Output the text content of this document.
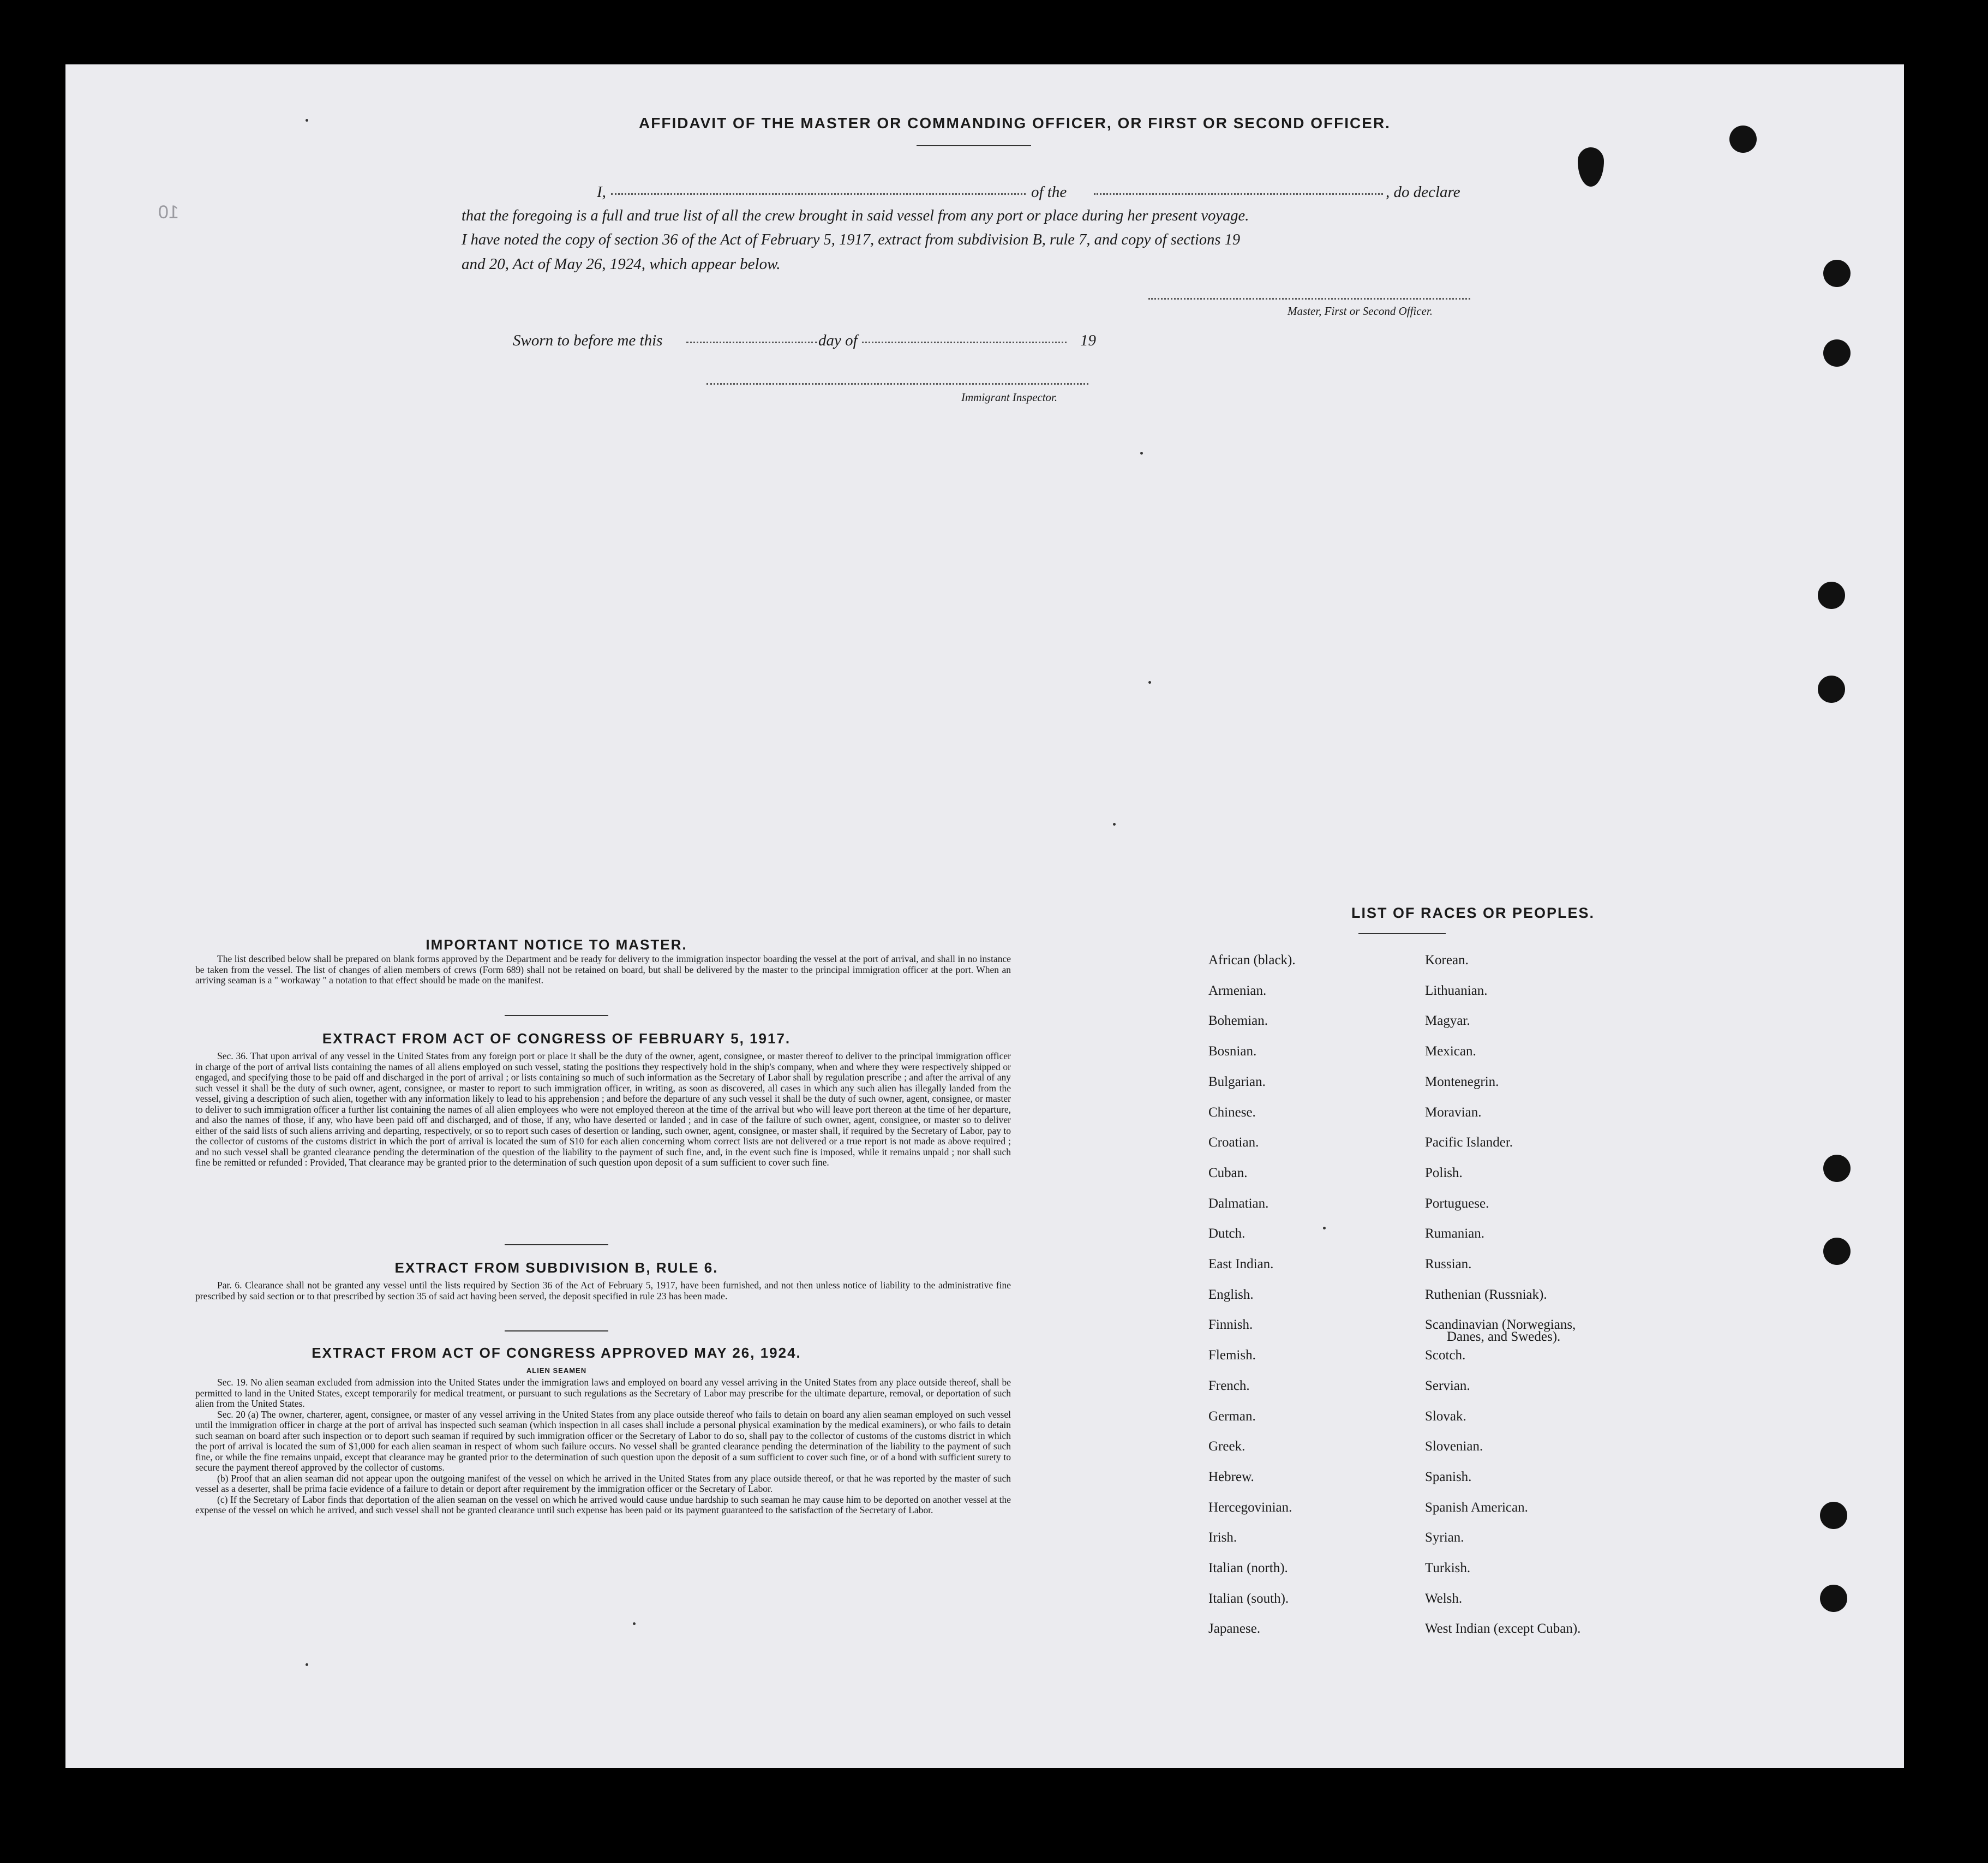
AFFIDAVIT OF THE MASTER OR COMMANDING OFFICER, OR FIRST OR SECOND OFFICER.
I,	of the	, do declare
that the foregoing is a full and true list of all the crew brought in said vessel from any port or place during her present voyage.
I have noted the copy of section 36 of the Act of February 5, 1917, extract from subdivision B, rule 7, and copy of sections 19
and 20, Act of May 26, 1924, which appear below.
Master, First or Second Officer.
Sworn to before me this	day of	19
Immigrant Inspector.
IMPORTANT NOTICE TO MASTER.

The list described below shall be prepared on blank forms approved by the Department and be ready for delivery to the immigration inspector boarding the vessel at the port of arrival, and shall in no instance be taken from the vessel. The list of changes of alien members of crews (Form 689) shall not be retained on board, but shall be delivered by the master to the principal immigration officer at the port. When an arriving seaman is a " workaway " a notation to that effect should be made on the manifest.

EXTRACT FROM ACT OF CONGRESS OF FEBRUARY 5, 1917.

Sec. 36. That upon arrival of any vessel in the United States from any foreign port or place it shall be the duty of the owner, agent, consignee, or master thereof to deliver to the principal immigration officer in charge of the port of arrival lists containing the names of all aliens employed on such vessel, stating the positions they respectively hold in the ship's company, when and where they were respectively shipped or engaged, and specifying those to be paid off and discharged in the port of arrival ; or lists containing so much of such information as the Secretary of Labor shall by regulation prescribe ; and after the arrival of any such vessel it shall be the duty of such owner, agent, consignee, or master to report to such immigration officer, in writing, as soon as discovered, all cases in which any such alien has illegally landed from the vessel, giving a description of such alien, together with any information likely to lead to his apprehension ; and before the departure of any such vessel it shall be the duty of such owner, agent, consignee, or master to deliver to such immigration officer a further list containing the names of all alien employees who were not employed thereon at the time of the arrival but who will leave port thereon at the time of her departure, and also the names of those, if any, who have been paid off and discharged, and of those, if any, who have deserted or landed ; and in case of the failure of such owner, agent, consignee, or master so to deliver either of the said lists of such aliens arriving and departing, respectively, or so to report such cases of desertion or landing, such owner, agent, consignee, or master shall, if required by the Secretary of Labor, pay to the collector of customs of the customs district in which the port of arrival is located the sum of $10 for each alien concerning whom correct lists are not delivered or a true report is not made as above required ; and no such vessel shall be granted clearance pending the determination of the question of the liability to the payment of such fine, and, in the event such fine is imposed, while it remains unpaid ; nor shall such fine be remitted or refunded : Provided, That clearance may be granted prior to the determination of such question upon deposit of a sum sufficient to cover such fine.

EXTRACT FROM SUBDIVISION B, RULE 6.

Par. 6. Clearance shall not be granted any vessel until the lists required by Section 36 of the Act of February 5, 1917, have been furnished, and not then unless notice of liability to the administrative fine prescribed by said section or to that prescribed by section 35 of said act having been served, the deposit specified in rule 23 has been made.

EXTRACT FROM ACT OF CONGRESS APPROVED MAY 26, 1924.
ALIEN SEAMEN

Sec. 19. No alien seaman excluded from admission into the United States under the immigration laws and employed on board any vessel arriving in the United States from any place outside thereof, shall be permitted to land in the United States, except temporarily for medical treatment, or pursuant to such regulations as the Secretary of Labor may prescribe for the ultimate departure, removal, or deportation of such alien from the United States.

Sec. 20 (a) The owner, charterer, agent, consignee, or master of any vessel arriving in the United States from any place outside thereof who fails to detain on board any alien seaman employed on such vessel until the immigration officer in charge at the port of arrival has inspected such seaman (which inspection in all cases shall include a personal physical examination by the medical examiners), or who fails to detain such seaman on board after such inspection or to deport such seaman if required by such immigration officer or the Secretary of Labor to do so, shall pay to the collector of customs of the customs district in which the port of arrival is located the sum of $1,000 for each alien seaman in respect of whom such failure occurs. No vessel shall be granted clearance pending the determination of the liability to the payment of such fine, or while the fine remains unpaid, except that clearance may be granted prior to the determination of such question upon the deposit of a sum sufficient to cover such fine, or of a bond with sufficient surety to secure the payment thereof approved by the collector of customs.

(b) Proof that an alien seaman did not appear upon the outgoing manifest of the vessel on which he arrived in the United States from any place outside thereof, or that he was reported by the master of such vessel as a deserter, shall be prima facie evidence of a failure to detain or deport after requirement by the immigration officer or the Secretary of Labor.

(c) If the Secretary of Labor finds that deportation of the alien seaman on the vessel on which he arrived would cause undue hardship to such seaman he may cause him to be deported on another vessel at the expense of the vessel on which he arrived, and such vessel shall not be granted clearance until such expense has been paid or its payment guaranteed to the satisfaction of the Secretary of Labor.

LIST OF RACES OR PEOPLES.
African (black).
Armenian.
Bohemian.
Bosnian.
Bulgarian.
Chinese.
Croatian.
Cuban.
Dalmatian.
Dutch.
East Indian.
English.
Finnish.
Flemish.
French.
German.
Greek.
Hebrew.
Hercegovinian.
Irish.
Italian (north).
Italian (south).
Japanese.
Korean.
Lithuanian.
Magyar.
Mexican.
Montenegrin.
Moravian.
Pacific Islander.
Polish.
Portuguese.
Rumanian.
Russian.
Ruthenian (Russniak).
Scandinavian (Norwegians,
Scotch.
Servian.
Slovak.
Slovenian.
Spanish.
Spanish American.
Syrian.
Turkish.
Welsh.
West Indian (except Cuban).
Danes, and Swedes).
10
